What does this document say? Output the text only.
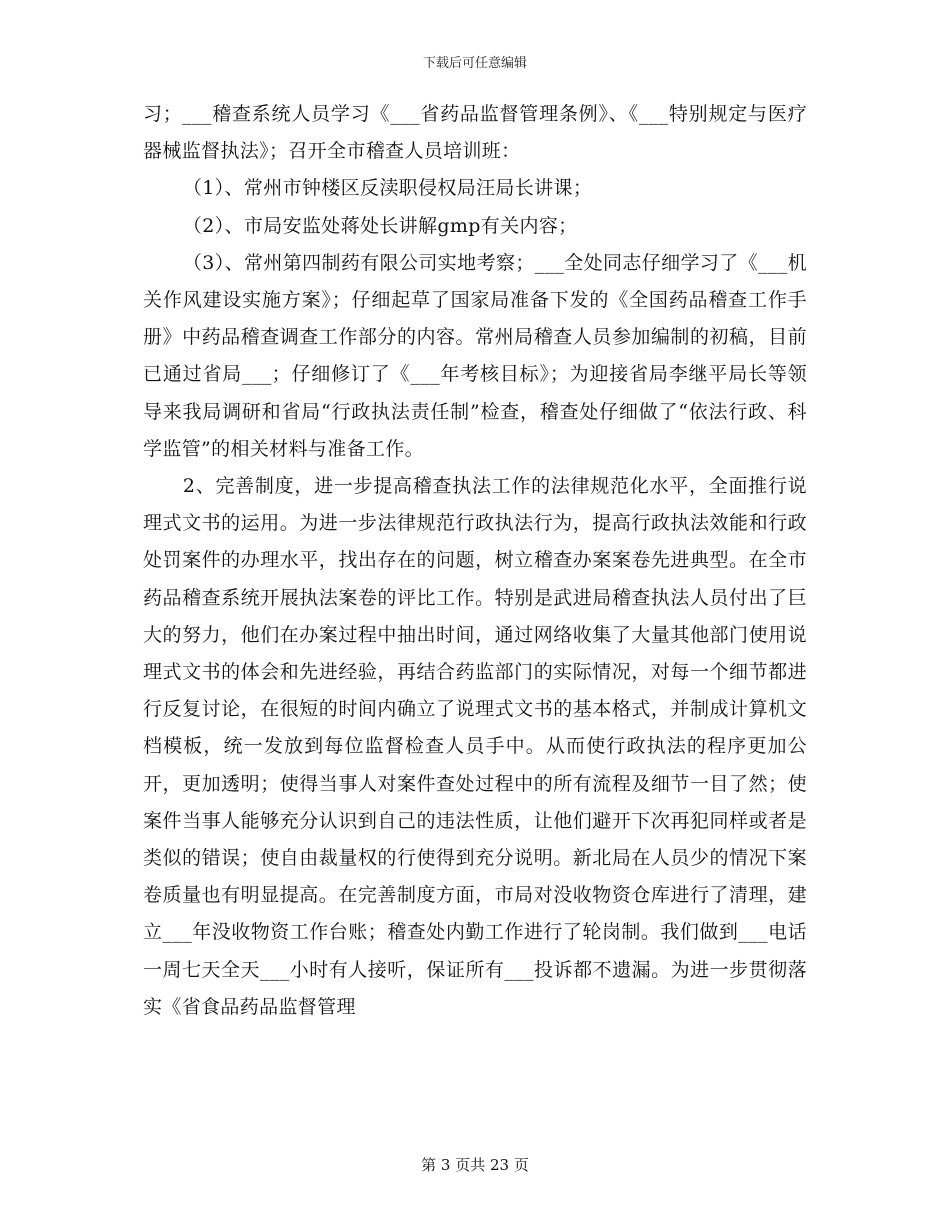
下载后可任意编辑

习；___稽查系统人员学习《___省药品监督管理条例》、《___特别规定与医疗器械监督执法》；召开全市稽查人员培训班：

（1）、常州市钟楼区反渎职侵权局汪局长讲课；

（2）、市局安监处蒋处长讲解gmp有关内容；

（3）、常州第四制药有限公司实地考察；___全处同志仔细学习了《___机关作风建设实施方案》；仔细起草了国家局准备下发的《全国药品稽查工作手册》中药品稽查调查工作部分的内容。常州局稽查人员参加编制的初稿，目前已通过省局___；仔细修订了《___年考核目标》；为迎接省局李继平局长等领导来我局调研和省局“行政执法责任制”检查，稽查处仔细做了“依法行政、科学监管”的相关材料与准备工作。

2、完善制度，进一步提高稽查执法工作的法律规范化水平，全面推行说理式文书的运用。为进一步法律规范行政执法行为，提高行政执法效能和行政处罚案件的办理水平，找出存在的问题，树立稽查办案案卷先进典型。在全市药品稽查系统开展执法案卷的评比工作。特别是武进局稽查执法人员付出了巨大的努力，他们在办案过程中抽出时间，通过网络收集了大量其他部门使用说理式文书的体会和先进经验，再结合药监部门的实际情况，对每一个细节都进行反复讨论，在很短的时间内确立了说理式文书的基本格式，并制成计算机文档模板，统一发放到每位监督检查人员手中。从而使行政执法的程序更加公开，更加透明；使得当事人对案件查处过程中的所有流程及细节一目了然；使案件当事人能够充分认识到自己的违法性质，让他们避开下次再犯同样或者是类似的错误；使自由裁量权的行使得到充分说明。新北局在人员少的情况下案卷质量也有明显提高。在完善制度方面，市局对没收物资仓库进行了清理，建立___年没收物资工作台账；稽查处内勤工作进行了轮岗制。我们做到___电话一周七天全天___小时有人接听，保证所有___投诉都不遗漏。为进一步贯彻落实《省食品药品监督管理

第 3 页共 23 页
